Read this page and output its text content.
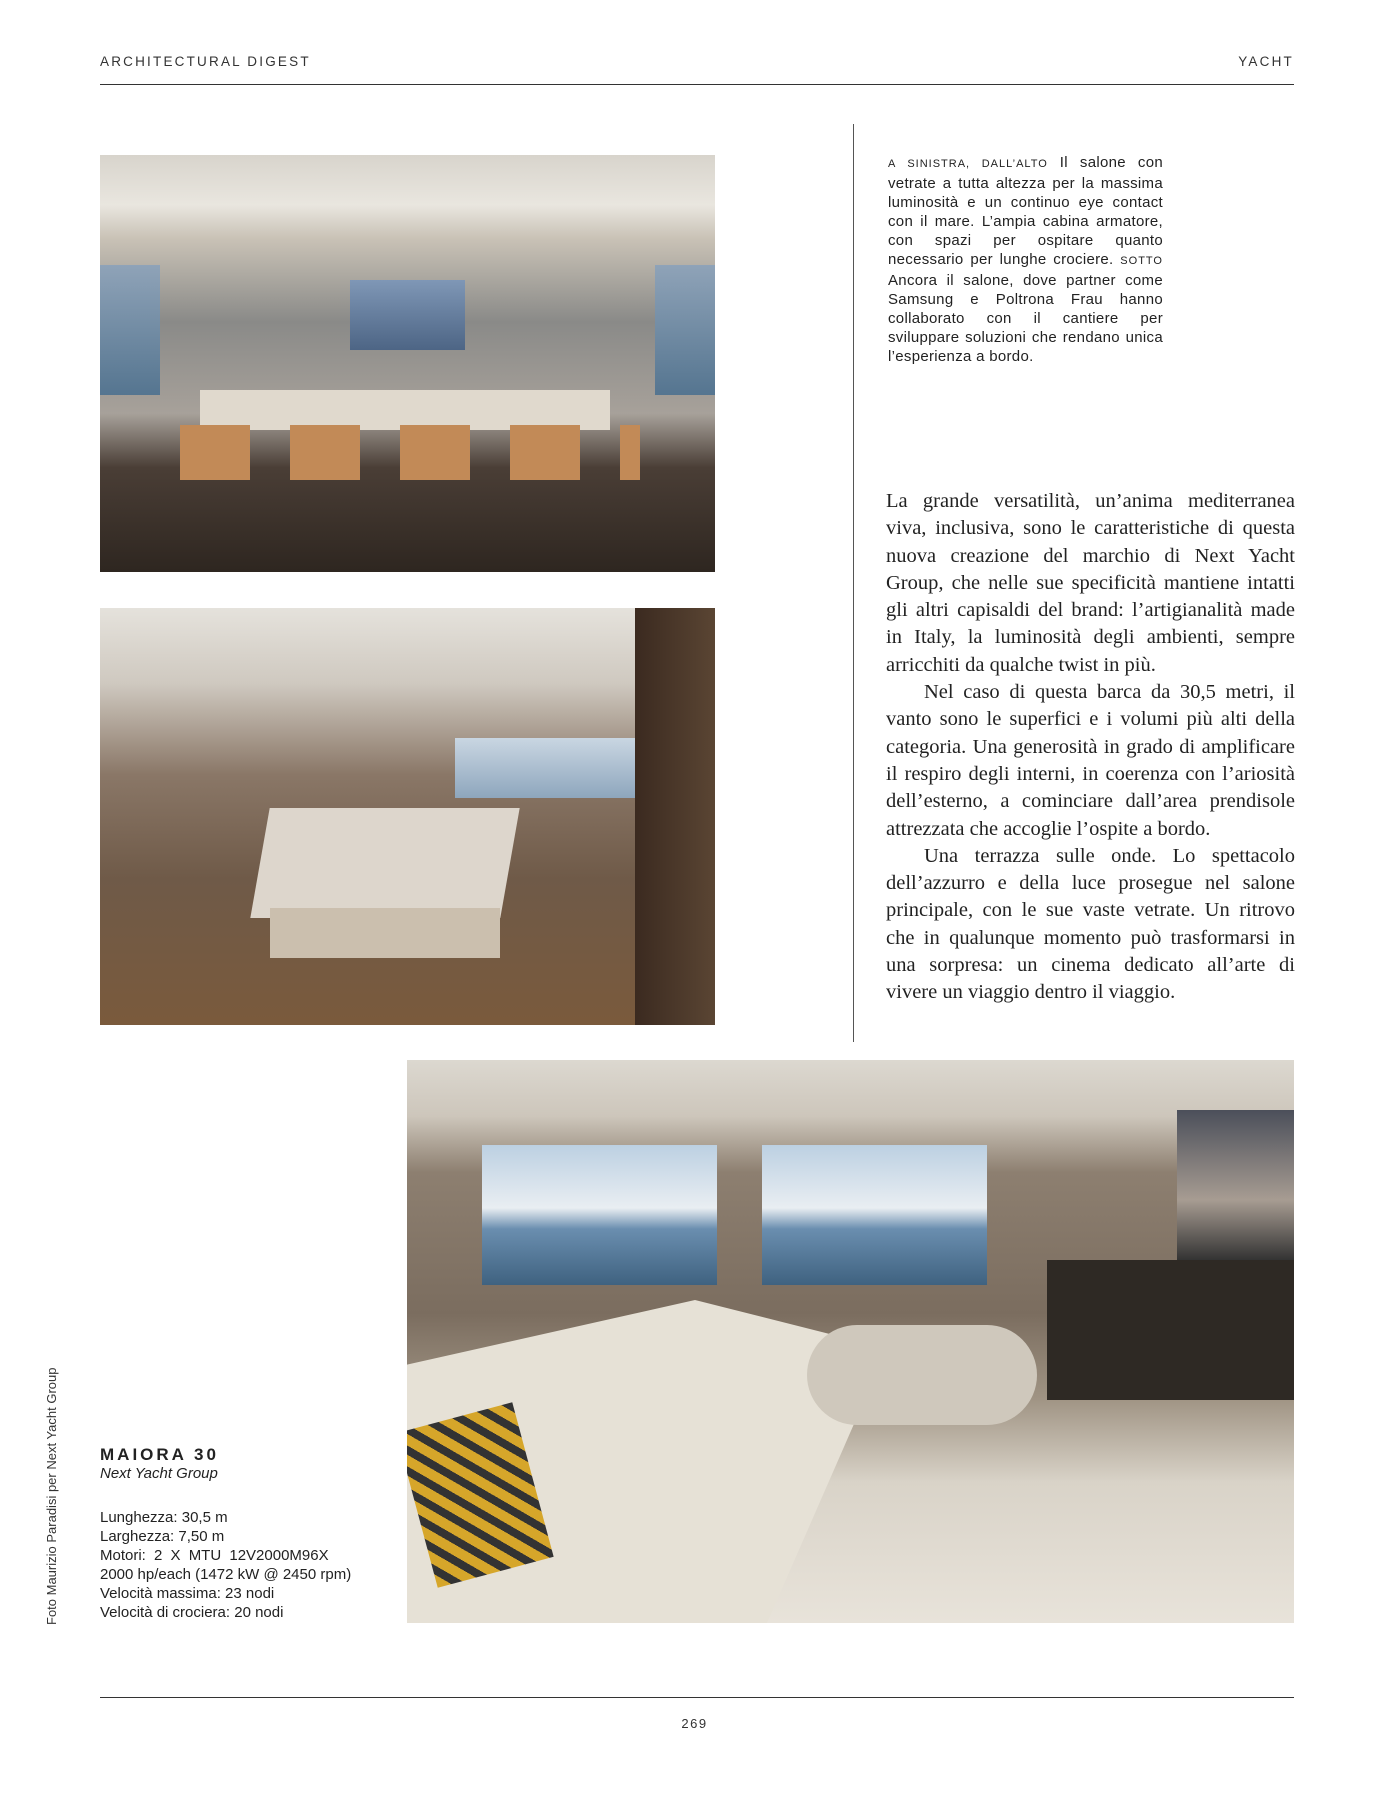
ARCHITECTURAL DIGEST	YACHT
A SINISTRA, DALL’ALTO Il salone con vetrate a tutta altezza per la massima luminosità e un continuo eye contact con il mare. L’ampia cabina armatore, con spazi per ospitare quanto necessario per lunghe crociere. SOTTO Ancora il salone, dove partner come Samsung e Poltrona Frau hanno collaborato con il cantiere per sviluppare soluzioni che rendano unica l’esperienza a bordo.

La grande versatilità, un’anima mediterranea viva, inclusiva, sono le caratteristiche di questa nuova creazione del marchio di Next Yacht Group, che nelle sue specificità mantiene intatti gli altri capisaldi del brand: l’artigianalità made in Italy, la luminosità degli ambienti, sempre arricchiti da qualche twist in più.

Nel caso di questa barca da 30,5 metri, il vanto sono le superfici e i volumi più alti della categoria. Una generosità in grado di amplificare il respiro degli interni, in coerenza con l’ariosità dell’esterno, a cominciare dall’area prendisole attrezzata che accoglie l’ospite a bordo.

Una terrazza sulle onde. Lo spettacolo dell’azzurro e della luce prosegue nel salone principale, con le sue vaste vetrate. Un ritrovo che in qualunque momento può trasformarsi in una sorpresa: un cinema dedicato all’arte di vivere un viaggio dentro il viaggio.

MAIORA 30
Next Yacht Group
Lunghezza: 30,5 m
Larghezza: 7,50 m
Motori: 2 X MTU 12V2000M96X
2000 hp/each (1472 kW @ 2450 rpm)
Velocità massima: 23 nodi
Velocità di crociera: 20 nodi
Foto Maurizio Paradisi per Next Yacht Group
269
